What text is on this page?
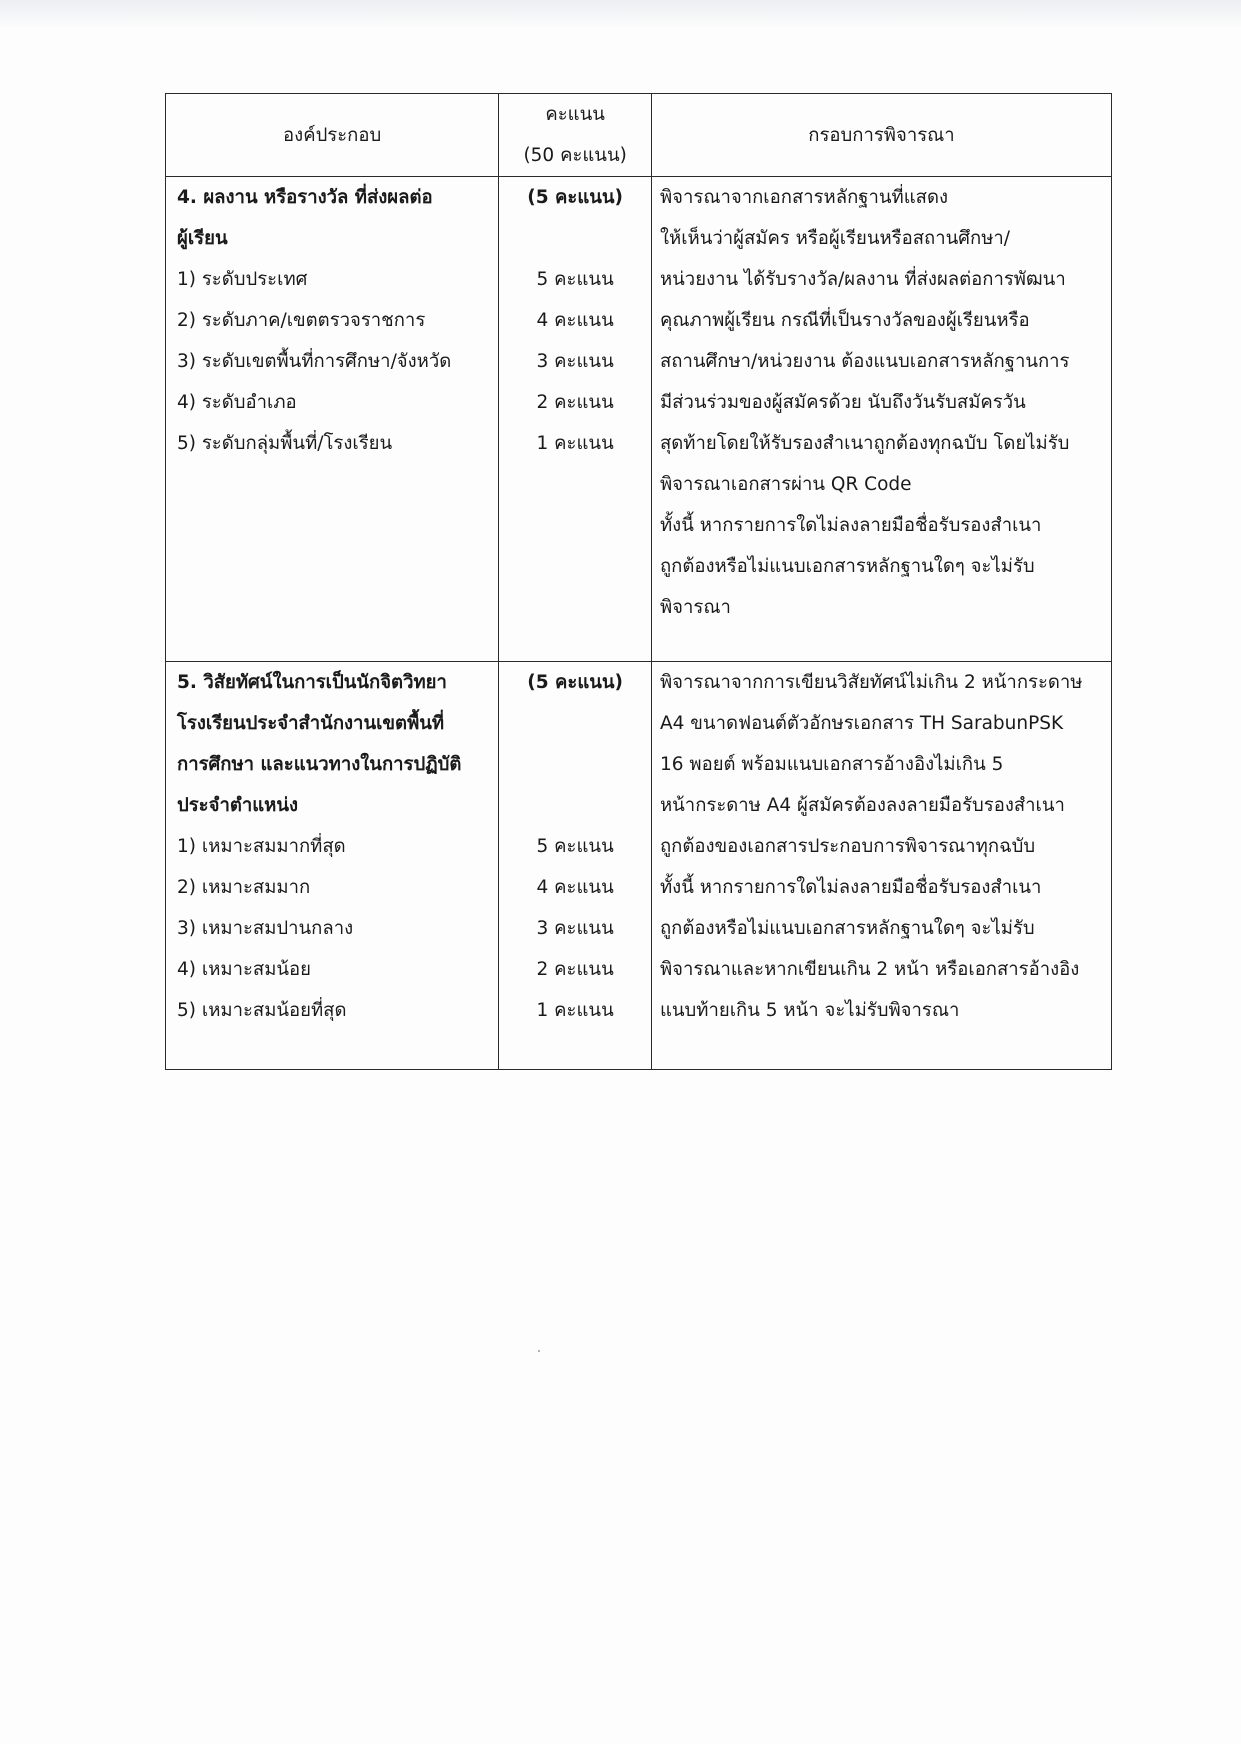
องค์ประกอบ
คะแนน
(50 คะแนน)
กรอบการพิจารณา
4. ผลงาน หรือรางวัล ที่ส่งผลต่อ
ผู้เรียน
1) ระดับประเทศ
2) ระดับภาค/เขตตรวจราชการ
3) ระดับเขตพื้นที่การศึกษา/จังหวัด
4) ระดับอำเภอ
5) ระดับกลุ่มพื้นที่/โรงเรียน
(5 คะแนน)
5 คะแนน
4 คะแนน
3 คะแนน
2 คะแนน
1 คะแนน
พิจารณาจากเอกสารหลักฐานที่แสดง
ให้เห็นว่าผู้สมัคร หรือผู้เรียนหรือสถานศึกษา/
หน่วยงาน ได้รับรางวัล/ผลงาน ที่ส่งผลต่อการพัฒนา
คุณภาพผู้เรียน กรณีที่เป็นรางวัลของผู้เรียนหรือ
สถานศึกษา/หน่วยงาน ต้องแนบเอกสารหลักฐานการ
มีส่วนร่วมของผู้สมัครด้วย นับถึงวันรับสมัครวัน
สุดท้ายโดยให้รับรองสำเนาถูกต้องทุกฉบับ โดยไม่รับ
พิจารณาเอกสารผ่าน QR Code
ทั้งนี้ หากรายการใดไม่ลงลายมือชื่อรับรองสำเนา
ถูกต้องหรือไม่แนบเอกสารหลักฐานใดๆ จะไม่รับ
พิจารณา
5. วิสัยทัศน์ในการเป็นนักจิตวิทยา
โรงเรียนประจำสำนักงานเขตพื้นที่
การศึกษา และแนวทางในการปฏิบัติ
ประจำตำแหน่ง
1) เหมาะสมมากที่สุด
2) เหมาะสมมาก
3) เหมาะสมปานกลาง
4) เหมาะสมน้อย
5) เหมาะสมน้อยที่สุด
(5 คะแนน)
5 คะแนน
4 คะแนน
3 คะแนน
2 คะแนน
1 คะแนน
พิจารณาจากการเขียนวิสัยทัศน์ไม่เกิน 2 หน้ากระดาษ
A4 ขนาดฟอนต์ตัวอักษรเอกสาร TH SarabunPSK
16 พอยต์ พร้อมแนบเอกสารอ้างอิงไม่เกิน 5
หน้ากระดาษ A4 ผู้สมัครต้องลงลายมือรับรองสำเนา
ถูกต้องของเอกสารประกอบการพิจารณาทุกฉบับ
ทั้งนี้ หากรายการใดไม่ลงลายมือชื่อรับรองสำเนา
ถูกต้องหรือไม่แนบเอกสารหลักฐานใดๆ จะไม่รับ
พิจารณาและหากเขียนเกิน 2 หน้า หรือเอกสารอ้างอิง
แนบท้ายเกิน 5 หน้า จะไม่รับพิจารณา
